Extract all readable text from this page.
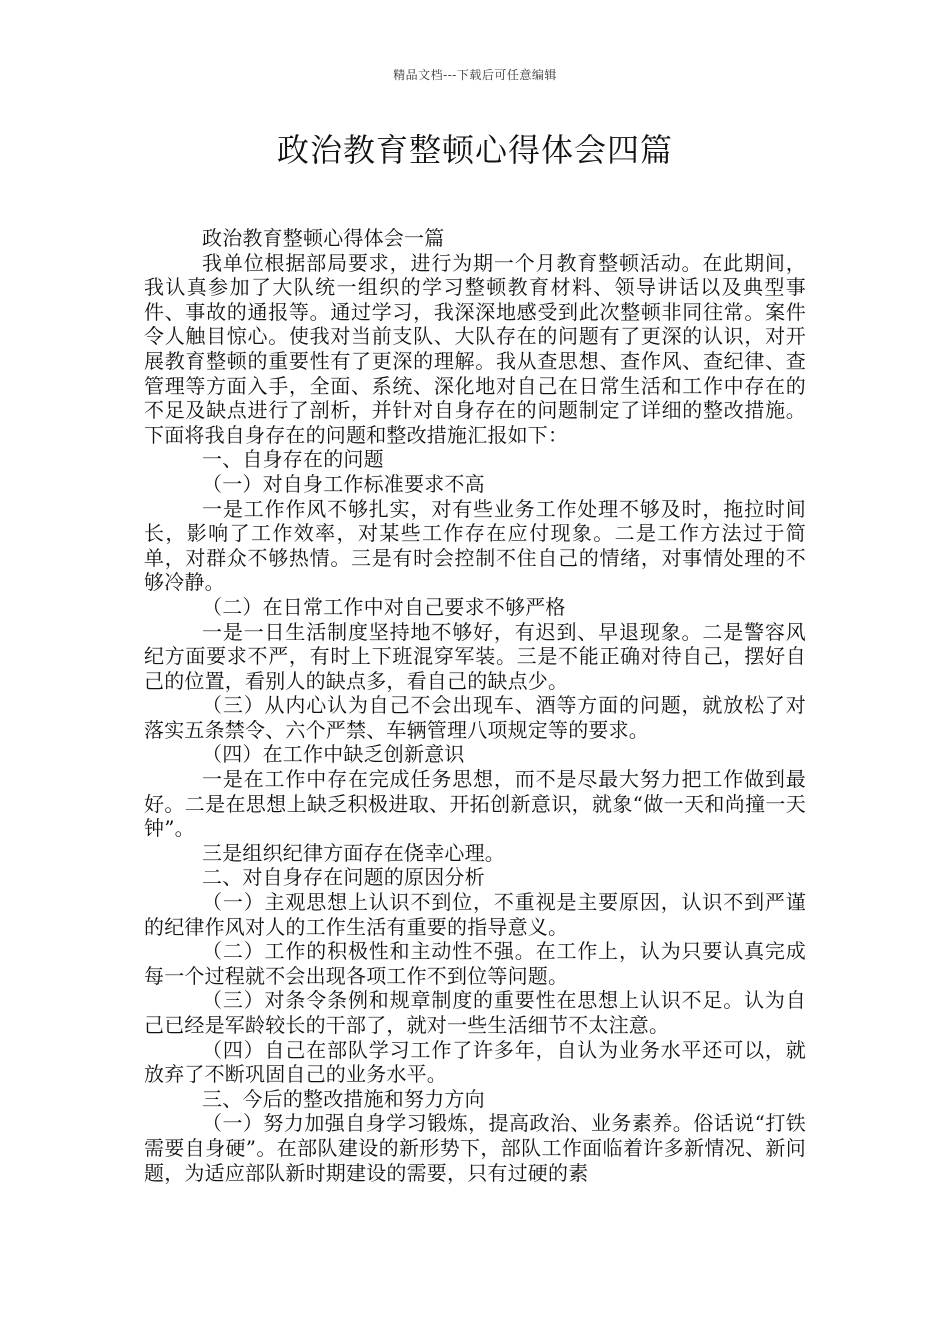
精品文档---下载后可任意编辑
政治教育整顿心得体会四篇

政治教育整顿心得体会一篇

我单位根据部局要求，进行为期一个月教育整顿活动。在此期间，我认真参加了大队统一组织的学习整顿教育材料、领导讲话以及典型事件、事故的通报等。通过学习，我深深地感受到此次整顿非同往常。案件令人触目惊心。使我对当前支队、大队存在的问题有了更深的认识，对开展教育整顿的重要性有了更深的理解。我从查思想、查作风、查纪律、查管理等方面入手，全面、系统、深化地对自己在日常生活和工作中存在的不足及缺点进行了剖析，并针对自身存在的问题制定了详细的整改措施。下面将我自身存在的问题和整改措施汇报如下：

一、自身存在的问题

（一）对自身工作标准要求不高

一是工作作风不够扎实，对有些业务工作处理不够及时，拖拉时间长，影响了工作效率，对某些工作存在应付现象。二是工作方法过于简单，对群众不够热情。三是有时会控制不住自己的情绪，对事情处理的不够冷静。

（二）在日常工作中对自己要求不够严格

一是一日生活制度坚持地不够好，有迟到、早退现象。二是警容风纪方面要求不严，有时上下班混穿军装。三是不能正确对待自己，摆好自己的位置，看别人的缺点多，看自己的缺点少。

（三）从内心认为自己不会出现车、酒等方面的问题，就放松了对落实五条禁令、六个严禁、车辆管理八项规定等的要求。

（四）在工作中缺乏创新意识

一是在工作中存在完成任务思想，而不是尽最大努力把工作做到最好。二是在思想上缺乏积极进取、开拓创新意识，就象“做一天和尚撞一天钟”。

三是组织纪律方面存在侥幸心理。

二、对自身存在问题的原因分析

（一）主观思想上认识不到位，不重视是主要原因，认识不到严谨的纪律作风对人的工作生活有重要的指导意义。

（二）工作的积极性和主动性不强。在工作上，认为只要认真完成每一个过程就不会出现各项工作不到位等问题。

（三）对条令条例和规章制度的重要性在思想上认识不足。认为自己已经是军龄较长的干部了，就对一些生活细节不太注意。

（四）自己在部队学习工作了许多年，自认为业务水平还可以，就放弃了不断巩固自己的业务水平。

三、今后的整改措施和努力方向

（一）努力加强自身学习锻炼，提高政治、业务素养。俗话说“打铁需要自身硬”。在部队建设的新形势下，部队工作面临着许多新情况、新问题，为适应部队新时期建设的需要，只有过硬的素
